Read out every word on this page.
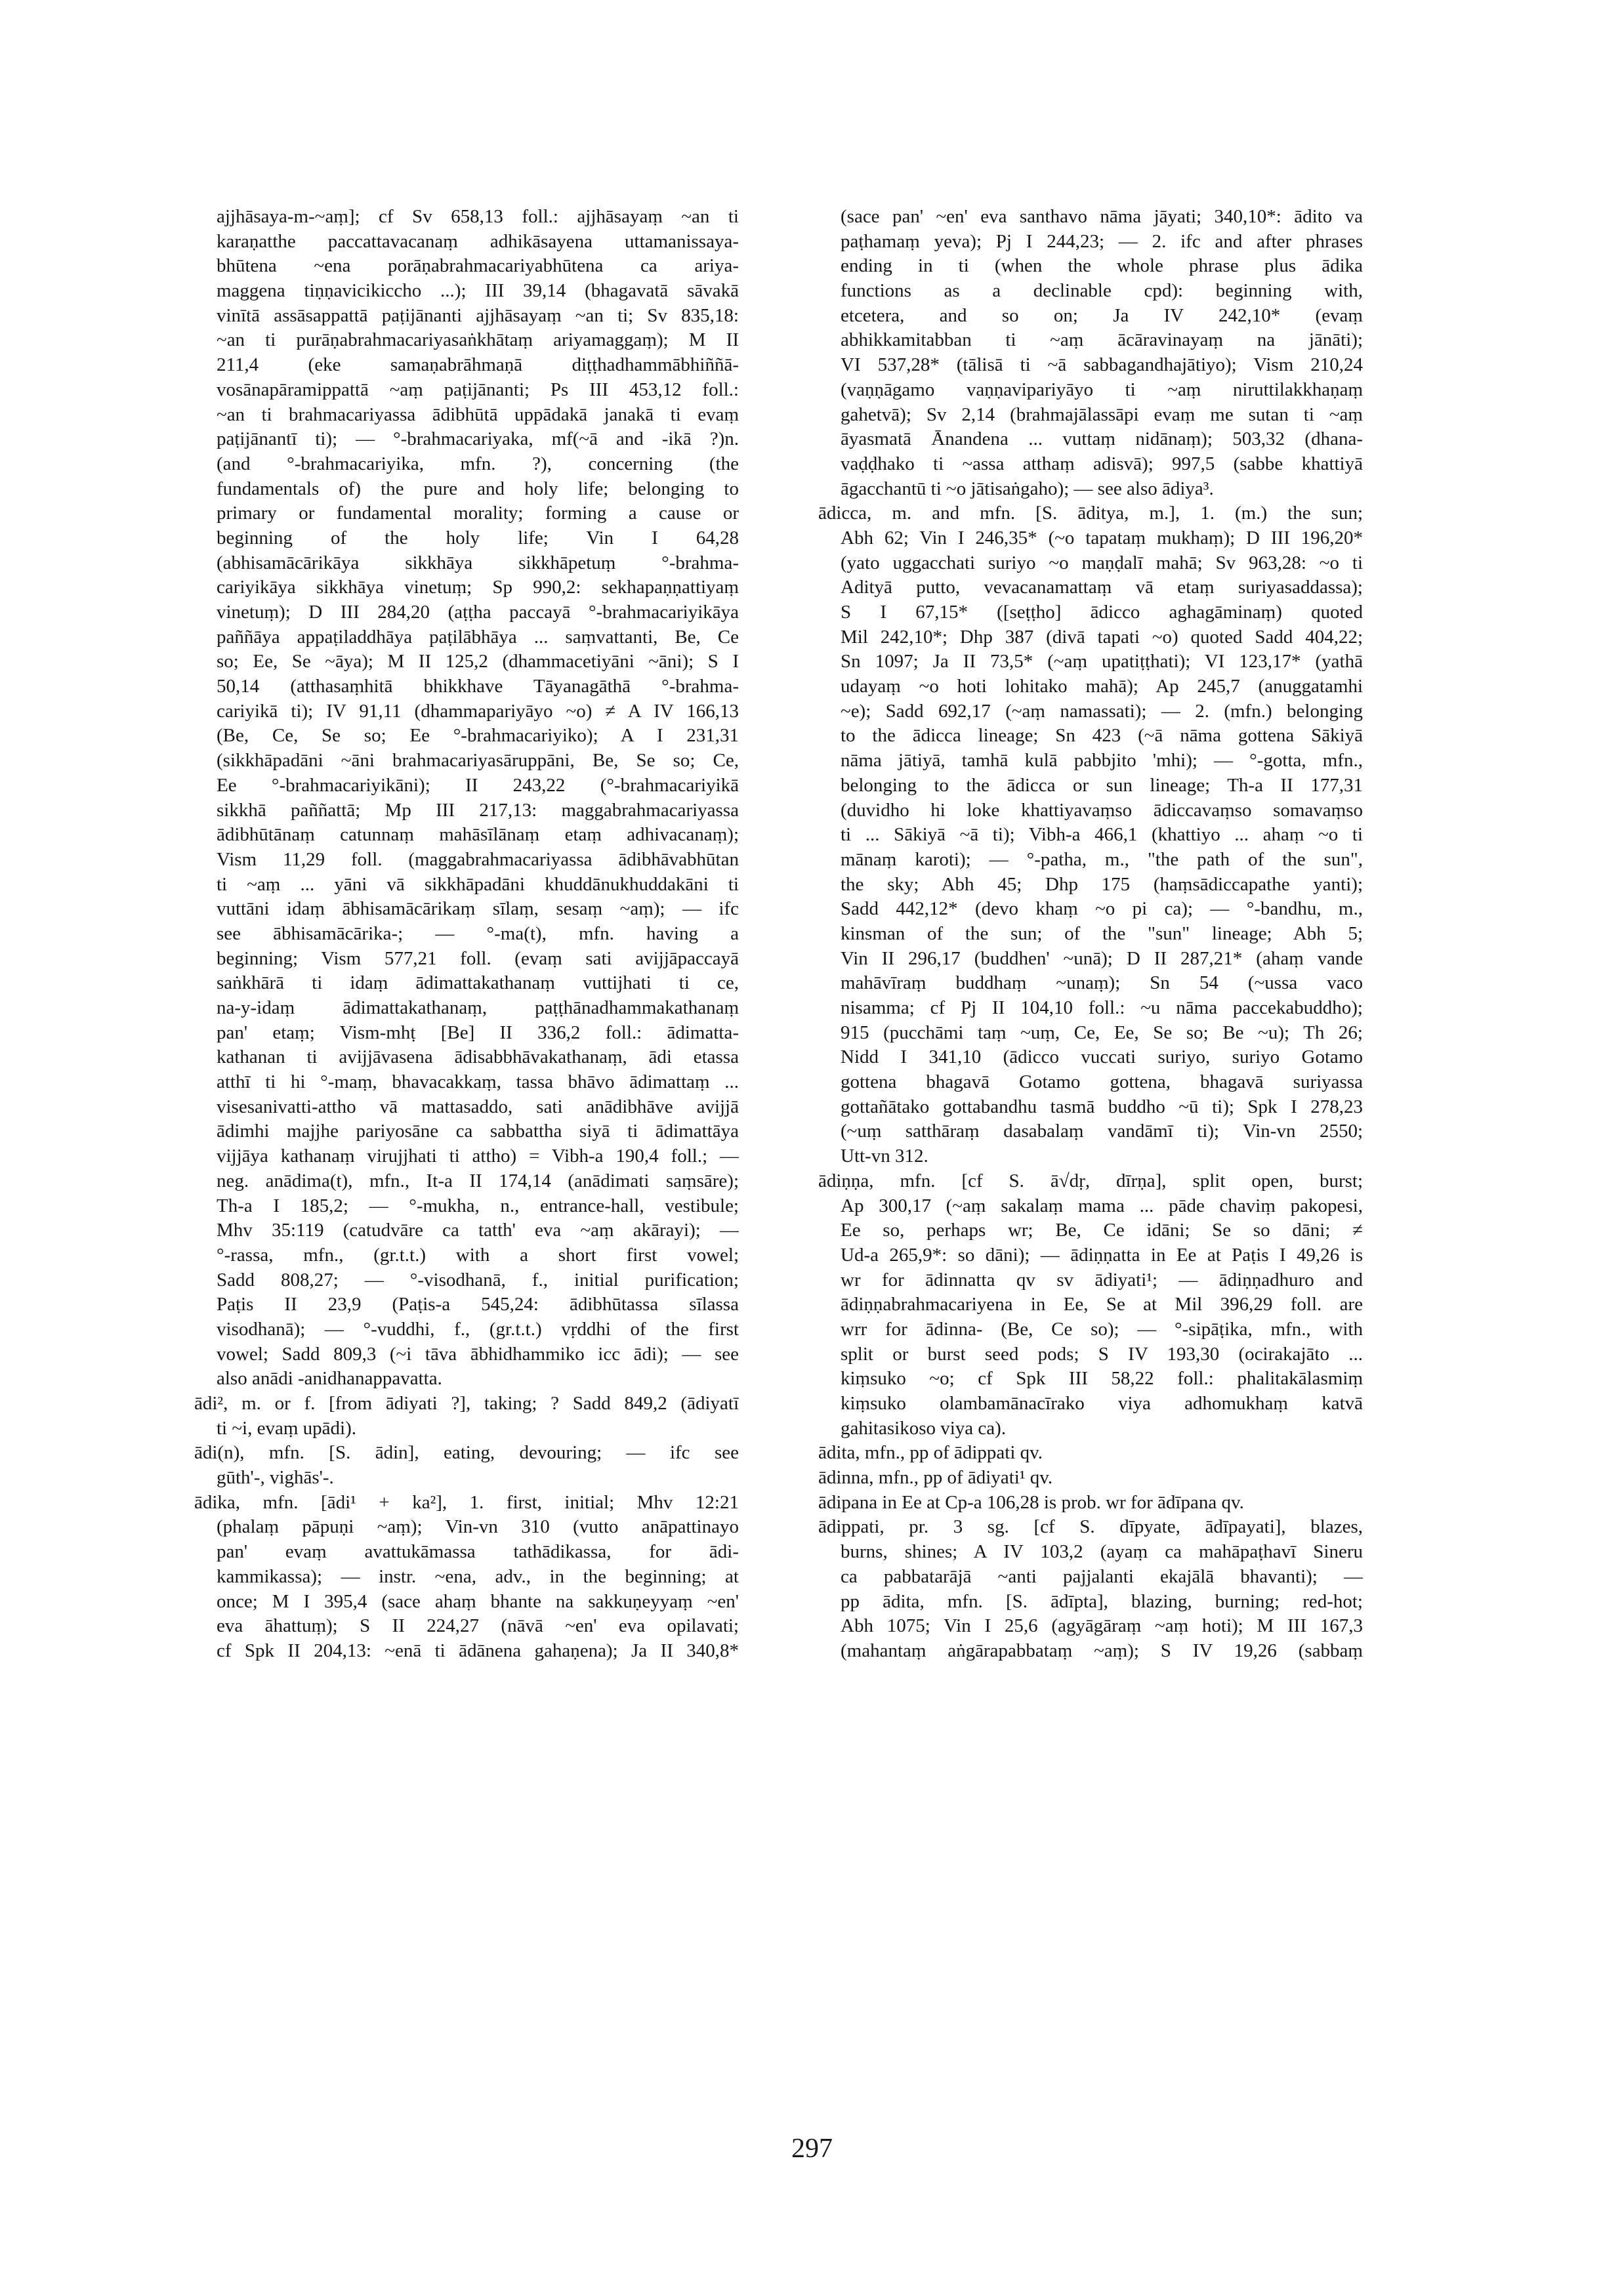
ajjhāsaya-m-~aṃ]; cf Sv 658,13 foll.: ajjhāsayaṃ ~an ti
karaṇatthe paccattavacanaṃ adhikāsayena uttamanissaya-
bhūtena ~ena porāṇabrahmacariyabhūtena ca ariya-
maggena tiṇṇavicikiccho ...); III 39,14 (bhagavatā sāvakā
vinītā assāsappattā paṭijānanti ajjhāsayaṃ ~an ti; Sv 835,18:
~an ti purāṇabrahmacariyasaṅkhātaṃ ariyamaggaṃ); M II
211,4 (eke samaṇabrāhmaṇā diṭṭhadhammābhiññā-
vosānapāramippattā ~aṃ paṭijānanti; Ps III 453,12 foll.:
~an ti brahmacariyassa ādibhūtā uppādakā janakā ti evaṃ
paṭijānantī ti); — °-brahmacariyaka, mf(~ā and -ikā ?)n.
(and °-brahmacariyika, mfn. ?), concerning (the
fundamentals of) the pure and holy life; belonging to
primary or fundamental morality; forming a cause or
beginning of the holy life; Vin I 64,28
(abhisamācārikāya sikkhāya sikkhāpetuṃ °-brahma-
cariyikāya sikkhāya vinetuṃ; Sp 990,2: sekhapaṇṇattiyaṃ
vinetuṃ); D III 284,20 (aṭṭha paccayā °-brahmacariyikāya
paññāya appaṭiladdhāya paṭilābhāya ... saṃvattanti, Be, Ce
so; Ee, Se ~āya); M II 125,2 (dhammacetiyāni ~āni); S I
50,14 (atthasaṃhitā bhikkhave Tāyanagāthā °-brahma-
cariyikā ti); IV 91,11 (dhammapariyāyo ~o) ≠ A IV 166,13
(Be, Ce, Se so; Ee °-brahmacariyiko); A I 231,31
(sikkhāpadāni ~āni brahmacariyasāruppāni, Be, Se so; Ce,
Ee °-brahmacariyikāni); II 243,22 (°-brahmacariyikā
sikkhā paññattā; Mp III 217,13: maggabrahmacariyassa
ādibhūtānaṃ catunnaṃ mahāsīlānaṃ etaṃ adhivacanaṃ);
Vism 11,29 foll. (maggabrahmacariyassa ādibhāvabhūtan
ti ~aṃ ... yāni vā sikkhāpadāni khuddānukhuddakāni ti
vuttāni idaṃ ābhisamācārikaṃ sīlaṃ, sesaṃ ~aṃ); — ifc
see ābhisamācārika-; — °-ma(t), mfn. having a
beginning; Vism 577,21 foll. (evaṃ sati avijjāpaccayā
saṅkhārā ti idaṃ ādimattakathanaṃ vuttijhati ti ce,
na-y-idaṃ ādimattakathanaṃ, paṭṭhānadhammakathanaṃ
pan' etaṃ; Vism-mhṭ [Be] II 336,2 foll.: ādimatta-
kathanan ti avijjāvasena ādisabbhāvakathanaṃ, ādi etassa
atthī ti hi °-maṃ, bhavacakkaṃ, tassa bhāvo ādimattaṃ ...
visesanivatti-attho vā mattasaddo, sati anādibhāve avijjā
ādimhi majjhe pariyosāne ca sabbattha siyā ti ādimattāya
vijjāya kathanaṃ virujjhati ti attho) = Vibh-a 190,4 foll.; —
neg. anādima(t), mfn., It-a II 174,14 (anādimati saṃsāre);
Th-a I 185,2; — °-mukha, n., entrance-hall, vestibule;
Mhv 35:119 (catudvāre ca tatth' eva ~aṃ akārayi); —
°-rassa, mfn., (gr.t.t.) with a short first vowel;
Sadd 808,27; — °-visodhanā, f., initial purification;
Paṭis II 23,9 (Paṭis-a 545,24: ādibhūtassa sīlassa
visodhanā); — °-vuddhi, f., (gr.t.t.) vṛddhi of the first
vowel; Sadd 809,3 (~i tāva ābhidhammiko icc ādi); — see
also anādi -anidhanappavatta.
ādi², m. or f. [from ādiyati ?], taking; ? Sadd 849,2 (ādiyatī
ti ~i, evaṃ upādi).
ādi(n), mfn. [S. ādin], eating, devouring; — ifc see
gūth'-, vighās'-.
ādika, mfn. [ādi¹ + ka²], 1. first, initial; Mhv 12:21
(phalaṃ pāpuṇi ~aṃ); Vin-vn 310 (vutto anāpattinayo
pan' evaṃ avattukāmassa tathādikassa, for ādi-
kammikassa); — instr. ~ena, adv., in the beginning; at
once; M I 395,4 (sace ahaṃ bhante na sakkuṇeyyaṃ ~en'
eva āhattuṃ); S II 224,27 (nāvā ~en' eva opilavati;
cf Spk II 204,13: ~enā ti ādānena gahaṇena); Ja II 340,8*
(sace pan' ~en' eva santhavo nāma jāyati; 340,10*: ādito va
paṭhamaṃ yeva); Pj I 244,23; — 2. ifc and after phrases
ending in ti (when the whole phrase plus ādika
functions as a declinable cpd): beginning with,
etcetera, and so on; Ja IV 242,10* (evaṃ
abhikkamitabban ti ~aṃ ācāravinayaṃ na jānāti);
VI 537,28* (tālisā ti ~ā sabbagandhajātiyo); Vism 210,24
(vaṇṇāgamo vaṇṇavipariyāyo ti ~aṃ niruttilakkhaṇaṃ
gahetvā); Sv 2,14 (brahmajālassāpi evaṃ me sutan ti ~aṃ
āyasmatā Ānandena ... vuttaṃ nidānaṃ); 503,32 (dhana-
vaḍḍhako ti ~assa atthaṃ adisvā); 997,5 (sabbe khattiyā
āgacchantū ti ~o jātisaṅgaho); — see also ādiya³.
ādicca, m. and mfn. [S. āditya, m.], 1. (m.) the sun;
Abh 62; Vin I 246,35* (~o tapataṃ mukhaṃ); D III 196,20*
(yato uggacchati suriyo ~o maṇḍalī mahā; Sv 963,28: ~o ti
Adityā putto, vevacanamattaṃ vā etaṃ suriyasaddassa);
S I 67,15* ([seṭṭho] ādicco aghagāminaṃ) quoted
Mil 242,10*; Dhp 387 (divā tapati ~o) quoted Sadd 404,22;
Sn 1097; Ja II 73,5* (~aṃ upatiṭṭhati); VI 123,17* (yathā
udayaṃ ~o hoti lohitako mahā); Ap 245,7 (anuggatamhi
~e); Sadd 692,17 (~aṃ namassati); — 2. (mfn.) belonging
to the ādicca lineage; Sn 423 (~ā nāma gottena Sākiyā
nāma jātiyā, tamhā kulā pabbjito 'mhi); — °-gotta, mfn.,
belonging to the ādicca or sun lineage; Th-a II 177,31
(duvidho hi loke khattiyavaṃso ādiccavaṃso somavaṃso
ti ... Sākiyā ~ā ti); Vibh-a 466,1 (khattiyo ... ahaṃ ~o ti
mānaṃ karoti); — °-patha, m., "the path of the sun",
the sky; Abh 45; Dhp 175 (haṃsādiccapathe yanti);
Sadd 442,12* (devo khaṃ ~o pi ca); — °-bandhu, m.,
kinsman of the sun; of the "sun" lineage; Abh 5;
Vin II 296,17 (buddhen' ~unā); D II 287,21* (ahaṃ vande
mahāvīraṃ buddhaṃ ~unaṃ); Sn 54 (~ussa vaco
nisamma; cf Pj II 104,10 foll.: ~u nāma paccekabuddho);
915 (pucchāmi taṃ ~uṃ, Ce, Ee, Se so; Be ~u); Th 26;
Nidd I 341,10 (ādicco vuccati suriyo, suriyo Gotamo
gottena bhagavā Gotamo gottena, bhagavā suriyassa
gottañātako gottabandhu tasmā buddho ~ū ti); Spk I 278,23
(~uṃ satthāraṃ dasabalaṃ vandāmī ti); Vin-vn 2550;
Utt-vn 312.
ādiṇṇa, mfn. [cf S. ā√dṛ, dīrṇa], split open, burst;
Ap 300,17 (~aṃ sakalaṃ mama ... pāde chaviṃ pakopesi,
Ee so, perhaps wr; Be, Ce idāni; Se so dāni; ≠
Ud-a 265,9*: so dāni); — ādiṇṇatta in Ee at Paṭis I 49,26 is
wr for ādinnatta qv sv ādiyati¹; — ādiṇṇadhuro and
ādiṇṇabrahmacariyena in Ee, Se at Mil 396,29 foll. are
wrr for ādinna- (Be, Ce so); — °-sipāṭika, mfn., with
split or burst seed pods; S IV 193,30 (ocirakajāto ...
kiṃsuko ~o; cf Spk III 58,22 foll.: phalitakālasmiṃ
kiṃsuko olambamānacīrako viya adhomukhaṃ katvā
gahitasikoso viya ca).
ādita, mfn., pp of ādippati qv.
ādinna, mfn., pp of ādiyati¹ qv.
ādipana in Ee at Cp-a 106,28 is prob. wr for ādīpana qv.
ādippati, pr. 3 sg. [cf S. dīpyate, ādīpayati], blazes,
burns, shines; A IV 103,2 (ayaṃ ca mahāpaṭhavī Sineru
ca pabbatarājā ~anti pajjalanti ekajālā bhavanti); —
pp ādita, mfn. [S. ādīpta], blazing, burning; red-hot;
Abh 1075; Vin I 25,6 (agyāgāraṃ ~aṃ hoti); M III 167,3
(mahantaṃ aṅgārapabbataṃ ~aṃ); S IV 19,26 (sabbaṃ
297
